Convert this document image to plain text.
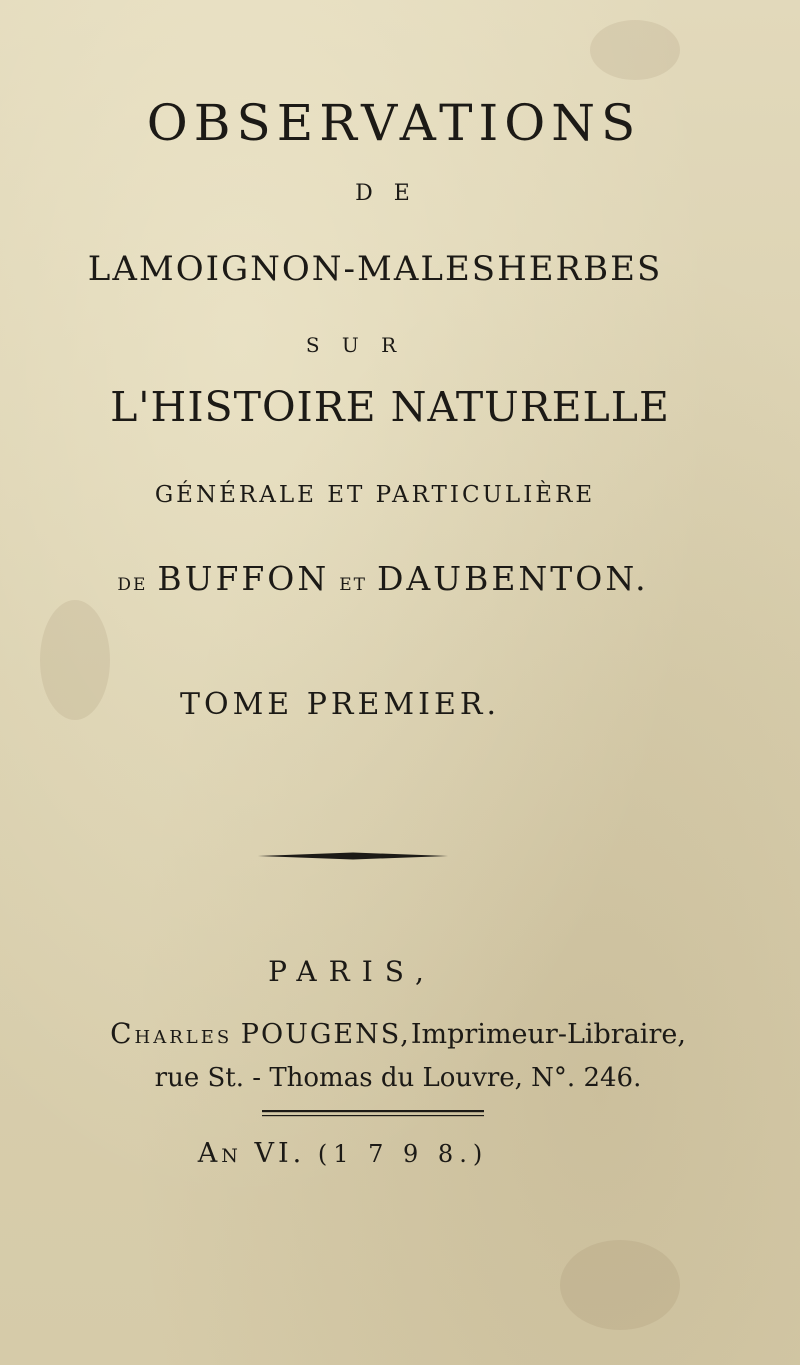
OBSERVATIONS
D E
LAMOIGNON-MALESHERBES
S U R
L'HISTOIRE NATURELLE
GÉNÉRALE ET PARTICULIÈRE
DE BUFFON ET DAUBENTON.
TOME PREMIER.
PARIS,
CHARLES POUGENS,Imprimeur-Libraire,
rue St. - Thomas du Louvre, N°. 246.
AN VI. (1 7 9 8.)
